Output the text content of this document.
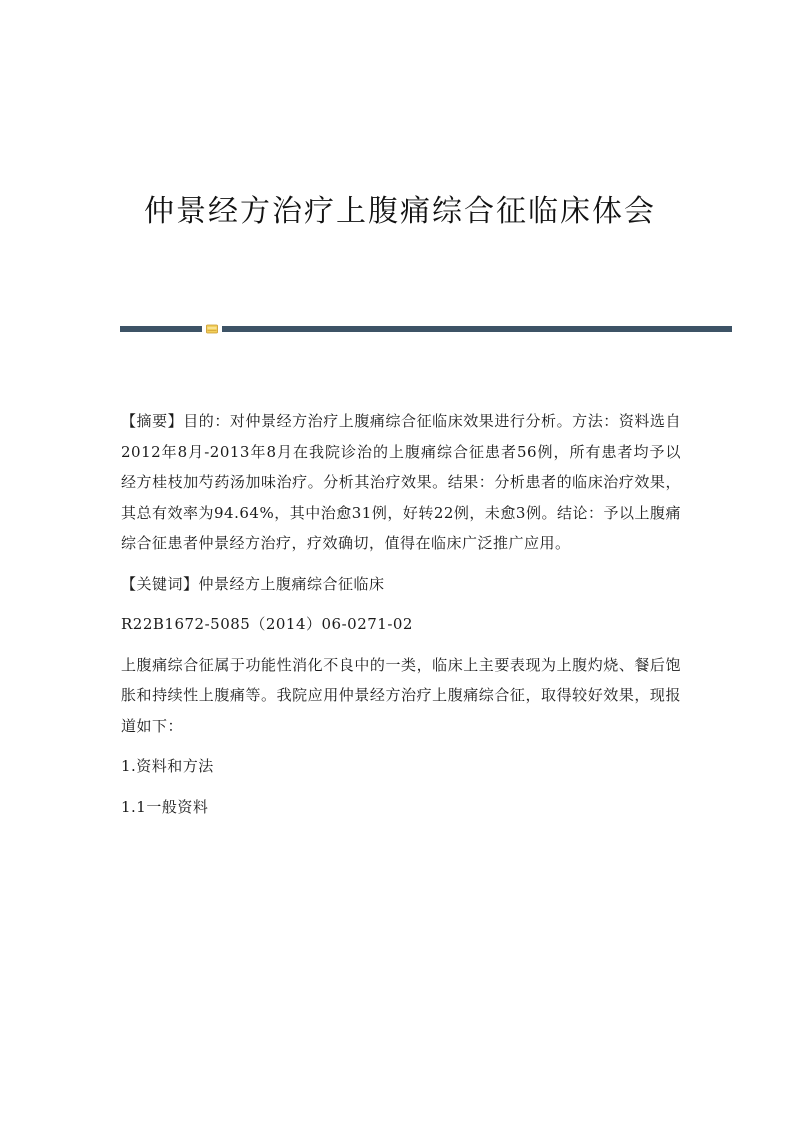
仲景经方治疗上腹痛综合征临床体会

【摘要】目的：对仲景经方治疗上腹痛综合征临床效果进行分析。方法：资料选自2012年8月-2013年8月在我院诊治的上腹痛综合征患者56例，所有患者均予以经方桂枝加芍药汤加味治疗。分析其治疗效果。结果：分析患者的临床治疗效果，其总有效率为94.64%，其中治愈31例，好转22例，未愈3例。结论：予以上腹痛综合征患者仲景经方治疗，疗效确切，值得在临床广泛推广应用。

【关键词】仲景经方上腹痛综合征临床

R22B1672-5085（2014）06-0271-02

上腹痛综合征属于功能性消化不良中的一类，临床上主要表现为上腹灼烧、餐后饱胀和持续性上腹痛等。我院应用仲景经方治疗上腹痛综合征，取得较好效果，现报道如下：

1.资料和方法

1.1一般资料
